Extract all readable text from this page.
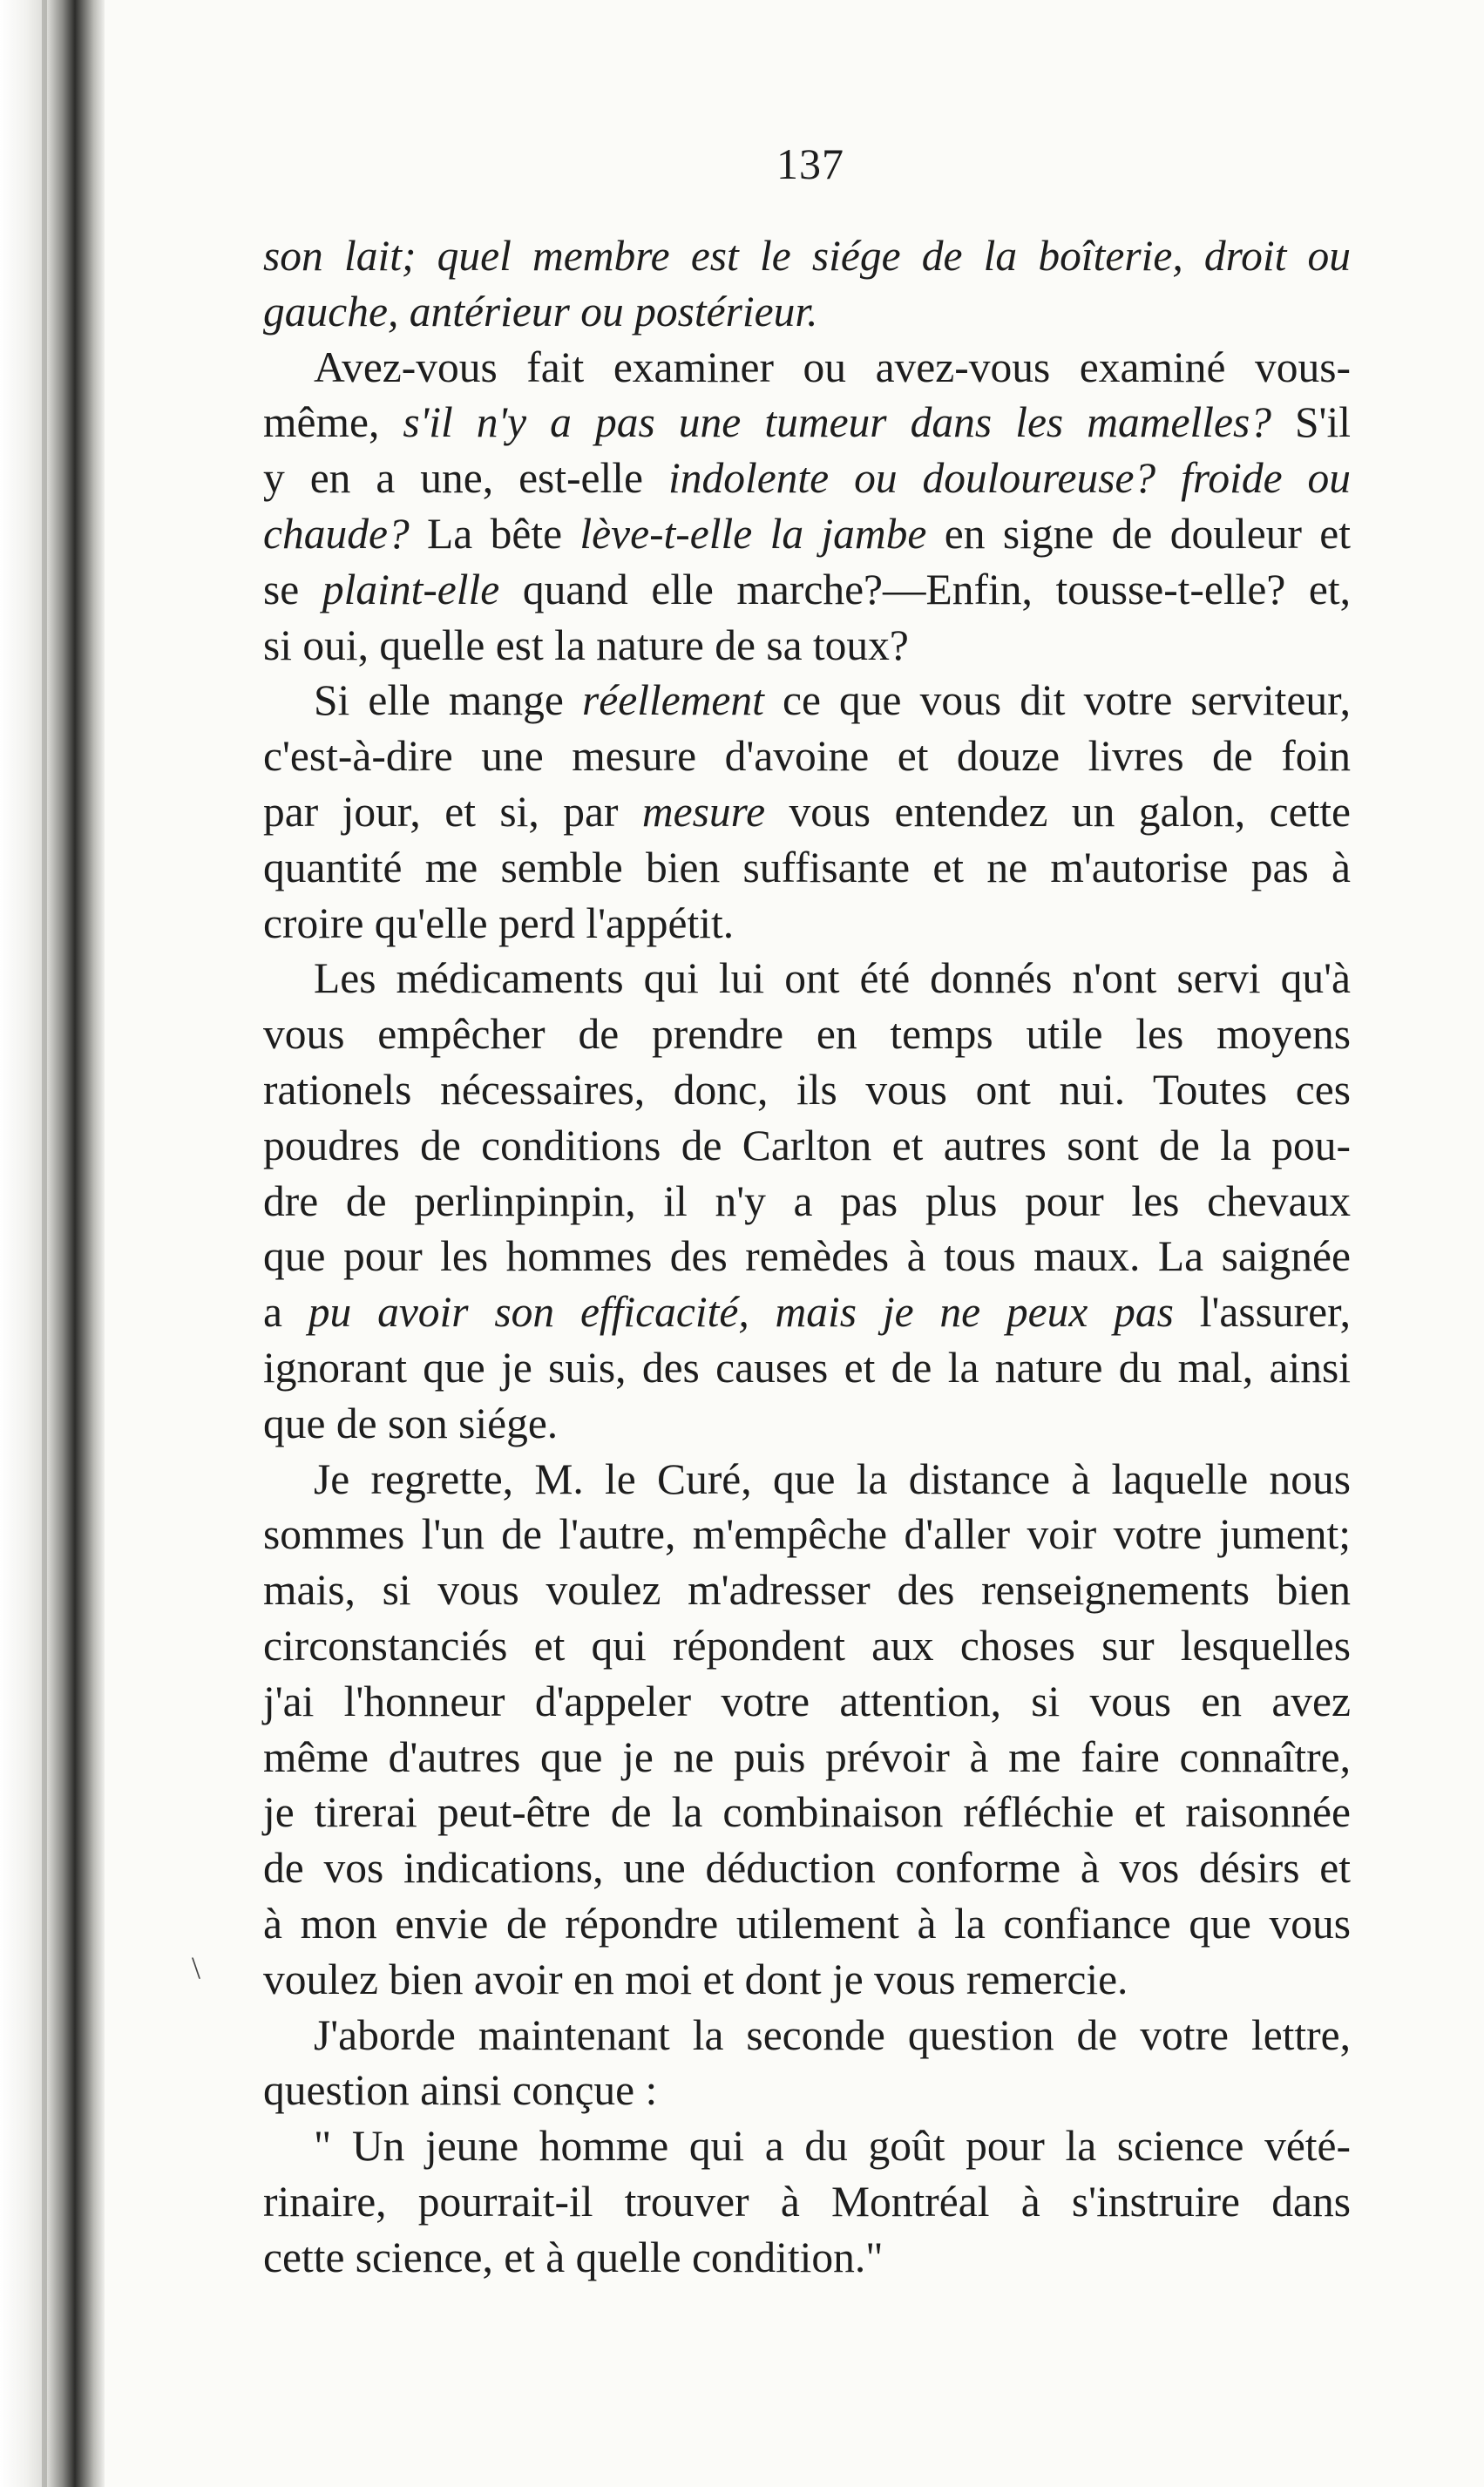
137
son lait; quel membre est le siége de la boîterie, droit ou
gauche, antérieur ou postérieur.
Avez-vous fait examiner ou avez-vous examiné vous-
même, s'il n'y a pas une tumeur dans les mamelles? S'il
y en a une, est-elle indolente ou douloureuse? froide ou
chaude? La bête lève-t-elle la jambe en signe de douleur et
se plaint-elle quand elle marche?—Enfin, tousse-t-elle? et,
si oui, quelle est la nature de sa toux?
Si elle mange réellement ce que vous dit votre serviteur,
c'est-à-dire une mesure d'avoine et douze livres de foin
par jour, et si, par mesure vous entendez un galon, cette
quantité me semble bien suffisante et ne m'autorise pas à
croire qu'elle perd l'appétit.
Les médicaments qui lui ont été donnés n'ont servi qu'à
vous empêcher de prendre en temps utile les moyens
rationels nécessaires, donc, ils vous ont nui. Toutes ces
poudres de conditions de Carlton et autres sont de la pou-
dre de perlinpinpin, il n'y a pas plus pour les chevaux
que pour les hommes des remèdes à tous maux. La saignée
a pu avoir son efficacité, mais je ne peux pas l'assurer,
ignorant que je suis, des causes et de la nature du mal, ainsi
que de son siége.
Je regrette, M. le Curé, que la distance à laquelle nous
sommes l'un de l'autre, m'empêche d'aller voir votre jument;
mais, si vous voulez m'adresser des renseignements bien
circonstanciés et qui répondent aux choses sur lesquelles
j'ai l'honneur d'appeler votre attention, si vous en avez
même d'autres que je ne puis prévoir à me faire connaître,
je tirerai peut-être de la combinaison réfléchie et raisonnée
de vos indications, une déduction conforme à vos désirs et
à mon envie de répondre utilement à la confiance que vous
voulez bien avoir en moi et dont je vous remercie.
J'aborde maintenant la seconde question de votre lettre,
question ainsi conçue :
" Un jeune homme qui a du goût pour la science vété-
rinaire, pourrait-il trouver à Montréal à s'instruire dans
cette science, et à quelle condition."
\
